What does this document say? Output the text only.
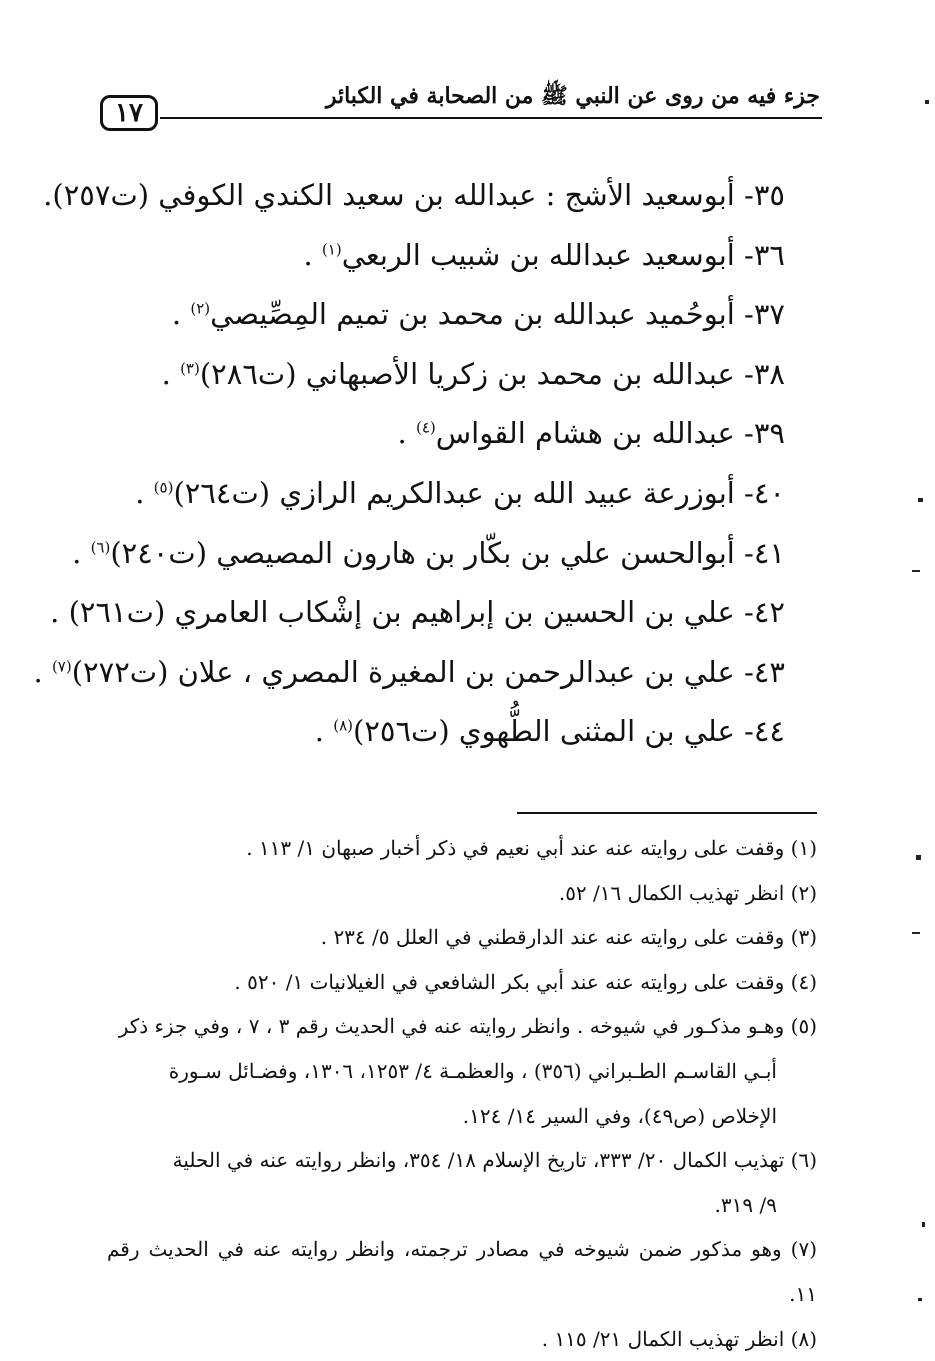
جزء فيه من روى عن النبي ﷺ من الصحابة في الكبائر
١٧
٣٥- أبوسعيد الأشج : عبدالله بن سعيد الكندي الكوفي (ت٢٥٧).
٣٦- أبوسعيد عبدالله بن شبيب الربعي$^{(١)}$ .
٣٧- أبوحُميد عبدالله بن محمد بن تميم المِصِّيصي$^{(٢)}$ .
٣٨- عبدالله بن محمد بن زكريا الأصبهاني (ت٢٨٦)$^{(٣)}$ .
٣٩- عبدالله بن هشام القواس$^{(٤)}$ .
٤٠- أبوزرعة عبيد الله بن عبدالكريم الرازي (ت٢٦٤)$^{(٥)}$ .
٤١- أبوالحسن علي بن بكّار بن هارون المصيصي (ت٢٤٠)$^{(٦)}$ .
٤٢- علي بن الحسين بن إبراهيم بن إشْكاب العامري (ت٢٦١) .
٤٣- علي بن عبدالرحمن بن المغيرة المصري ، علان (ت٢٧٢)$^{(٧)}$ .
٤٤- علي بن المثنى الطُّهوي (ت٢٥٦)$^{(٨)}$ .
(١) وقفت على روايته عنه عند أبي نعيم في ذكر أخبار صبهان ١/ ١١٣ .
(٢) انظر تهذيب الكمال ١٦/ ٥٢.
(٣) وقفت على روايته عنه عند الدارقطني في العلل ٥/ ٢٣٤ .
(٤) وقفت على روايته عنه عند أبي بكر الشافعي في الغيلانيات ١/ ٥٢٠ .
(٥) وهـو مذكـور في شيوخه . وانظر روايته عنه في الحديث رقم ٣ ، ٧ ، وفي جزء ذكر
أبـي القاسـم الطـبراني (٣٥٦) ، والعظمـة ٤/ ١٢٥٣، ١٣٠٦، وفضـائل سـورة
الإخلاص (ص٤٩)، وفي السير ١٤/ ١٢٤.
(٦) تهذيب الكمال ٢٠/ ٣٣٣، تاريخ الإسلام ١٨/ ٣٥٤، وانظر روايته عنه في الحلية
٩/ ٣١٩.
(٧) وهو مذكور ضمن شيوخه في مصادر ترجمته، وانظر روايته عنه في الحديث رقم ١١.
(٨) انظر تهذيب الكمال ٢١/ ١١٥ .
